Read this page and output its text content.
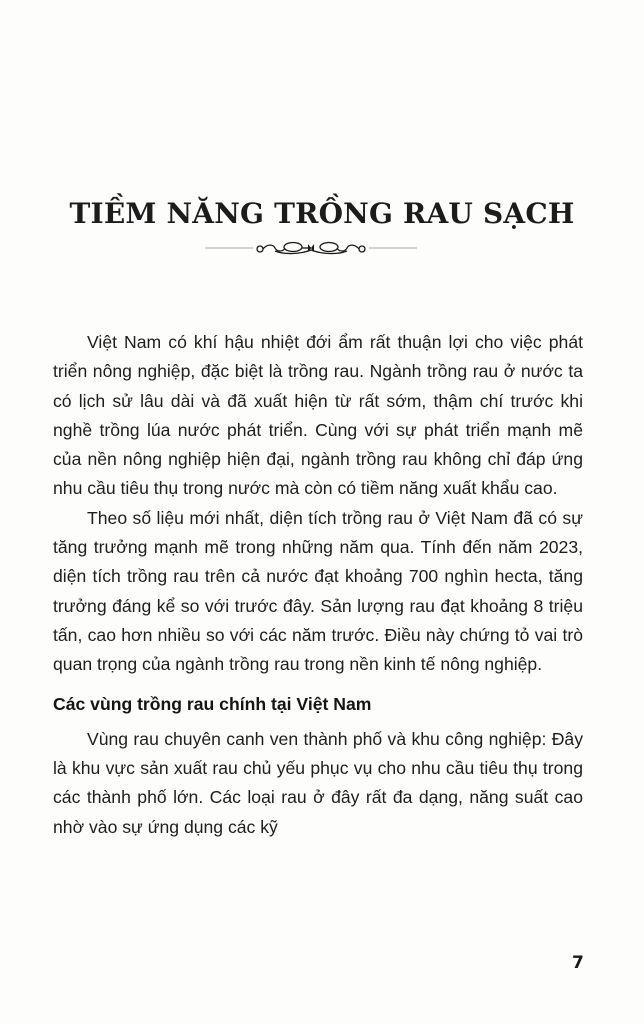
TIỀM NĂNG TRỒNG RAU SẠCH

Việt Nam có khí hậu nhiệt đới ẩm rất thuận lợi cho việc phát triển nông nghiệp, đặc biệt là trồng rau. Ngành trồng rau ở nước ta có lịch sử lâu dài và đã xuất hiện từ rất sớm, thậm chí trước khi nghề trồng lúa nước phát triển. Cùng với sự phát triển mạnh mẽ của nền nông nghiệp hiện đại, ngành trồng rau không chỉ đáp ứng nhu cầu tiêu thụ trong nước mà còn có tiềm năng xuất khẩu cao.

Theo số liệu mới nhất, diện tích trồng rau ở Việt Nam đã có sự tăng trưởng mạnh mẽ trong những năm qua. Tính đến năm 2023, diện tích trồng rau trên cả nước đạt khoảng 700 nghìn hecta, tăng trưởng đáng kể so với trước đây. Sản lượng rau đạt khoảng 8 triệu tấn, cao hơn nhiều so với các năm trước. Điều này chứng tỏ vai trò quan trọng của ngành trồng rau trong nền kinh tế nông nghiệp.

Các vùng trồng rau chính tại Việt Nam

Vùng rau chuyên canh ven thành phố và khu công nghiệp: Đây là khu vực sản xuất rau chủ yếu phục vụ cho nhu cầu tiêu thụ trong các thành phố lớn. Các loại rau ở đây rất đa dạng, năng suất cao nhờ vào sự ứng dụng các kỹ

7
